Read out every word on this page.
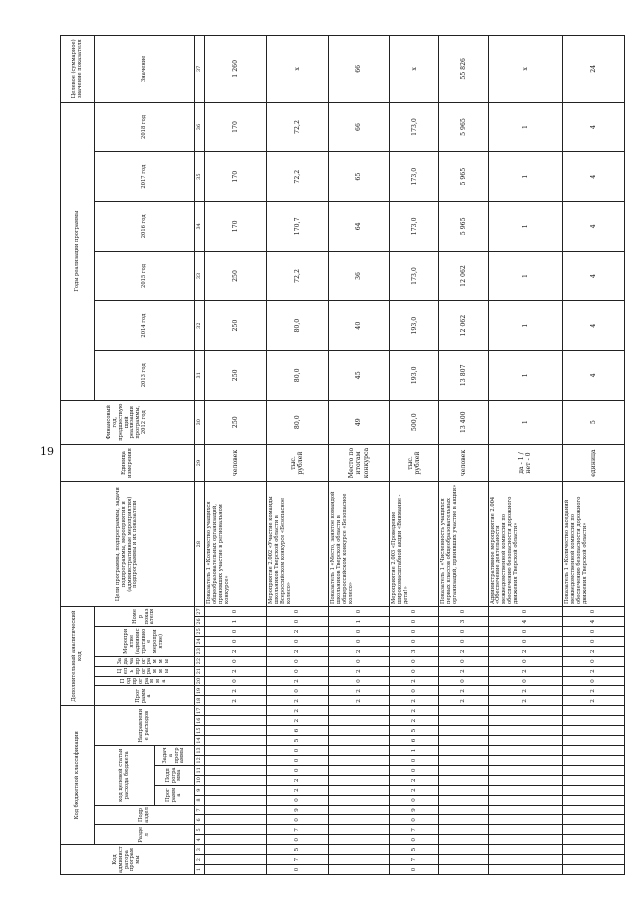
19
Код администратора программы			Код бюджетной классификации														Дополнительный аналитический код										Цели программы, подпрограммы, задачи подпрограммы, мероприятия и (административные мероприятия) подпрограммы и их показатели	Единица измерения	Финансовый год, предшествующий реализации программы, 2012 год	Годы реализации программы						Целевое (суммарное) значение показателя
			Раздел		Подраздел		код целевой статьи расхода бюджета						Направление расходов				Программа		Подпрограмма	Цель программы	Задача программы	Мероприятие (административное мероприятие)			Номер показателя					2013 год	2014 год	2015 год	2016 год	2017 год	2018 год	Значение
							Программа		Подпрограмма		Задача программы																									
1	2	3	4	5	6	7	8	9	10	11	12	13	14	15	16	17	18	19	20	21	22	23	24	25	26	27	28	29	30	31	32	33	34	35	36	37
																	2	2	0	2	0	2	0	0	1	0	Показатель 1 «Количество учащихся общеобразовательных организаций, принявших участие в региональном конкурсе»	человек	250	250	250	250	170	170	170	1 260
0	7	5	0	7	0	9	0	2	2	0	0	0	5	6	2	2	2	0	2	0	0	2	0	2	0	0	Мероприятие 2.002 «Участие команды школьников Тверской области в Всероссийском конкурсе «Безопасное колесо»	тыс. рублей	80,0	80,0	80,0	72,2	170,7	72,2	72,2	x
																	2	2	0	2	0	2	0	0	1	0	Показатель 1 «Место, занятое командой школьников Тверской области в общероссийском конкурсе «Безопасное колесо»	Место по итогам конкурса	49	45	40	36	64	65	66	66
0	7	5	0	7	0	9	0	2	2	0	0	1	6	5	2	2	2	0	2	0	0	3	0	0	0	0	Мероприятие 2.003 «Проведение широкомасштабной акции «Внимание - дети!»	тыс. рублей	500,0	193,0	193,0	173,0	173,0	173,0	173,0	x
																	2	2	0	2	0	2	0	0	3	0	Показатель 1 «Численность учащихся первых классов общеобразовательных организаций, принявших участие в акции»	человек	13 400	13 807	12 062	12 062	5 965	5 965	5 965	55 826
																	2	2	0	2	0	2	0	0	4	0	Административное мероприятие 2.004 «Обеспечение деятельности межведомственной комиссии по обеспечению безопасности дорожного движения Тверской области»	да - 1 / нет - 0	1	1	1	1	1	1	1	x
																	2	2	0	2	0	2	0	0	4	0	Показатель 1 «Количество заседаний межведомственной комиссии по обеспечению безопасности дорожного движения Тверской области»	единица	5	4	4	4	4	4	4	24
